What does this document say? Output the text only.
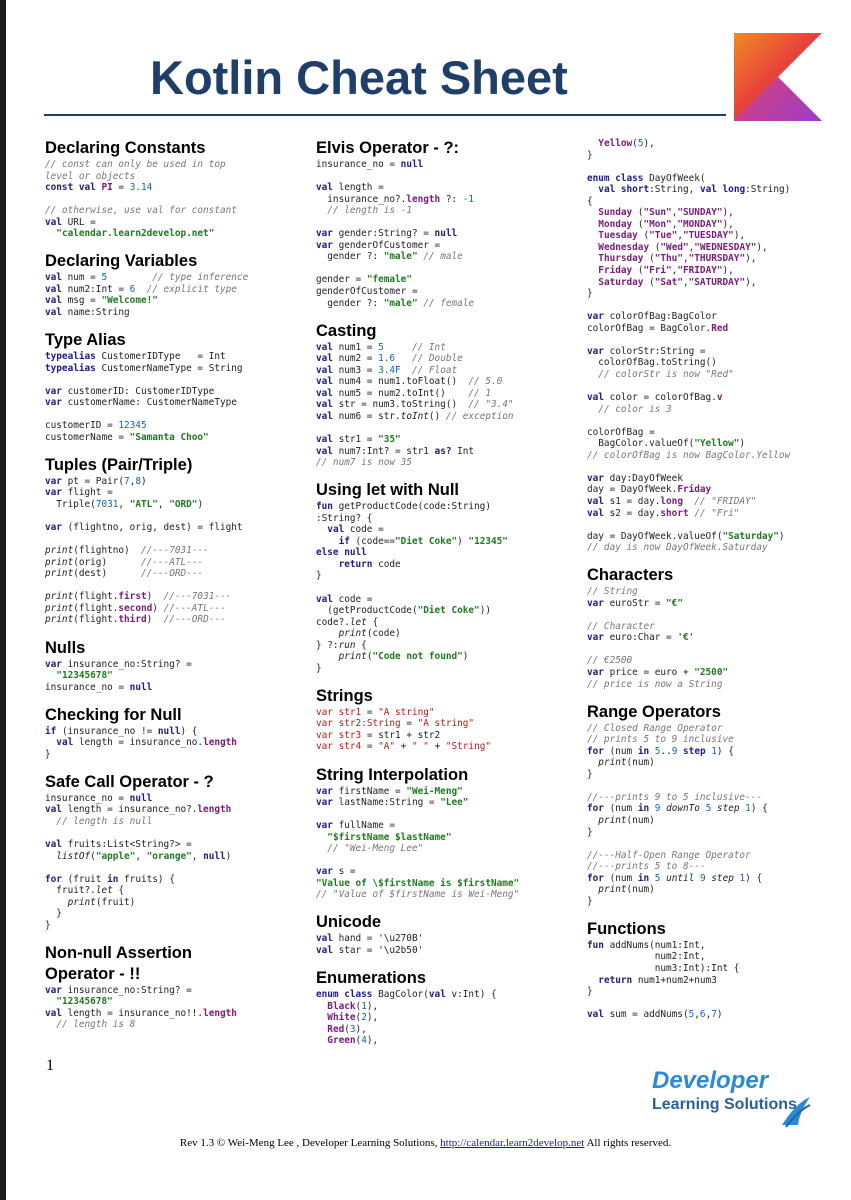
Kotlin Cheat Sheet
Declaring Constants
// const can only be used in top
level or objects
const val PI = 3.14

// otherwise, use val for constant
val URL =
"calendar.learn2develop.net"
Declaring Variables
val num = 5	// type inference
val num2:Int = 6 // explicit type
val msg = "Welcome!"
val name:String
Type Alias
typealias CustomerIDType   = Int
typealias CustomerNameType = String

var customerID: CustomerIDType
var customerName: CustomerNameType

customerID = 12345
customerName = "Samanta Choo"
Tuples (Pair/Triple)
var pt = Pair(7,8)
var flight =
Triple(7031, "ATL", "ORD")

var (flightno, orig, dest) = flight

print(flightno)  //---7031---
print(orig)      //---ATL---
print(dest)      //---ORD---

print(flight.first)  //---7031---
print(flight.second) //---ATL---
print(flight.third)  //---ORD---
Nulls
var insurance_no:String? =
"12345678"
insurance_no = null
Checking for Null
if (insurance_no != null) {
val length = insurance_no.length
}
Safe Call Operator - ?
insurance_no = null
val length = insurance_no?.length
// length is null

val fruits:List<String?> =
listOf("apple", "orange", null)

for (fruit in fruits) {
fruit?.let {
print(fruit)
}
}
Non-null Assertion
Operator - !!
var insurance_no:String? =
"12345678"
val length = insurance_no!!.length
// length is 8
Elvis Operator - ?:
insurance_no = null

val length =
insurance_no?.length ?: -1
// length is -1

var gender:String? = null
var genderOfCustomer =
gender ?: "male" // male

gender = "female"
genderOfCustomer =
gender ?: "male" // female
Casting
val num1 = 5	// Int
val num2 = 1.6 // Double
val num3 = 3.4F // Float
val num4 = num1.toFloat()  // 5.0
val num5 = num2.toInt()    // 1
val str = num3.toString()  // "3.4"
val num6 = str.toInt() // exception

val str1 = "35"
val num7:Int? = str1 as? Int
// num7 is now 35
Using let with Null
fun getProductCode(code:String)
:String? {
val code =
if (code=="Diet Coke") "12345"
else null
return code
}

val code =
(getProductCode("Diet Coke"))
code?.let {
print(code)
} ?:run {
print("Code not found")
}
Strings
var str1 = "A string"
var str2:String = "A string"
var str3 = str1 + str2
var str4 = "A" + " " + "String"
String Interpolation
var firstName = "Wei-Meng"
var lastName:String = "Lee"

var fullName =
"$firstName $lastName"
// "Wei-Meng Lee"

var s =
"Value of \$firstName is $firstName"
// "Value of $firstName is Wei-Meng"
Unicode
val hand = '\u270B'
val star = '\u2b50'
Enumerations
enum class BagColor(val v:Int) {
Black(1),
White(2),
Red(3),
Green(4),
Yellow(5),
}

enum class DayOfWeek(
val short:String, val long:String)
{
Sunday ("Sun","SUNDAY"),
Monday ("Mon","MONDAY"),
Tuesday ("Tue","TUESDAY"),
Wednesday ("Wed","WEDNESDAY"),
Thursday ("Thu","THURSDAY"),
Friday ("Fri","FRIDAY"),
Saturday ("Sat","SATURDAY"),
}

var colorOfBag:BagColor
colorOfBag = BagColor.Red

var colorStr:String =
colorOfBag.toString()
// colorStr is now "Red"

val color = colorOfBag.v
// color is 3

colorOfBag =
BagColor.valueOf("Yellow")
// colorOfBag is now BagColor.Yellow

var day:DayOfWeek
day = DayOfWeek.Friday
val s1 = day.long // "FRIDAY"
val s2 = day.short // "Fri"

day = DayOfWeek.valueOf("Saturday")
// day is now DayOfWeek.Saturday
Characters
// String
var euroStr = "€"

// Character
var euro:Char = '€'

// €2500
var price = euro + "2500"
// price is now a String
Range Operators
// Closed Range Operator
// prints 5 to 9 inclusive
for (num in 5..9 step 1) {
print(num)
}

//---prints 9 to 5 inclusive---
for (num in 9 downTo 5 step 1) {
print(num)
}

//---Half-Open Range Operator
//---prints 5 to 8---
for (num in 5 until 9 step 1) {
print(num)
}
Functions
fun addNums(num1:Int,
num2:Int,
num3:Int):Int {
return num1+num2+num3
}

val sum = addNums(5,6,7)
1
Developer
Learning Solutions
Rev 1.3 © Wei-Meng Lee , Developer Learning Solutions, http://calendar.learn2develop.net All rights reserved.
